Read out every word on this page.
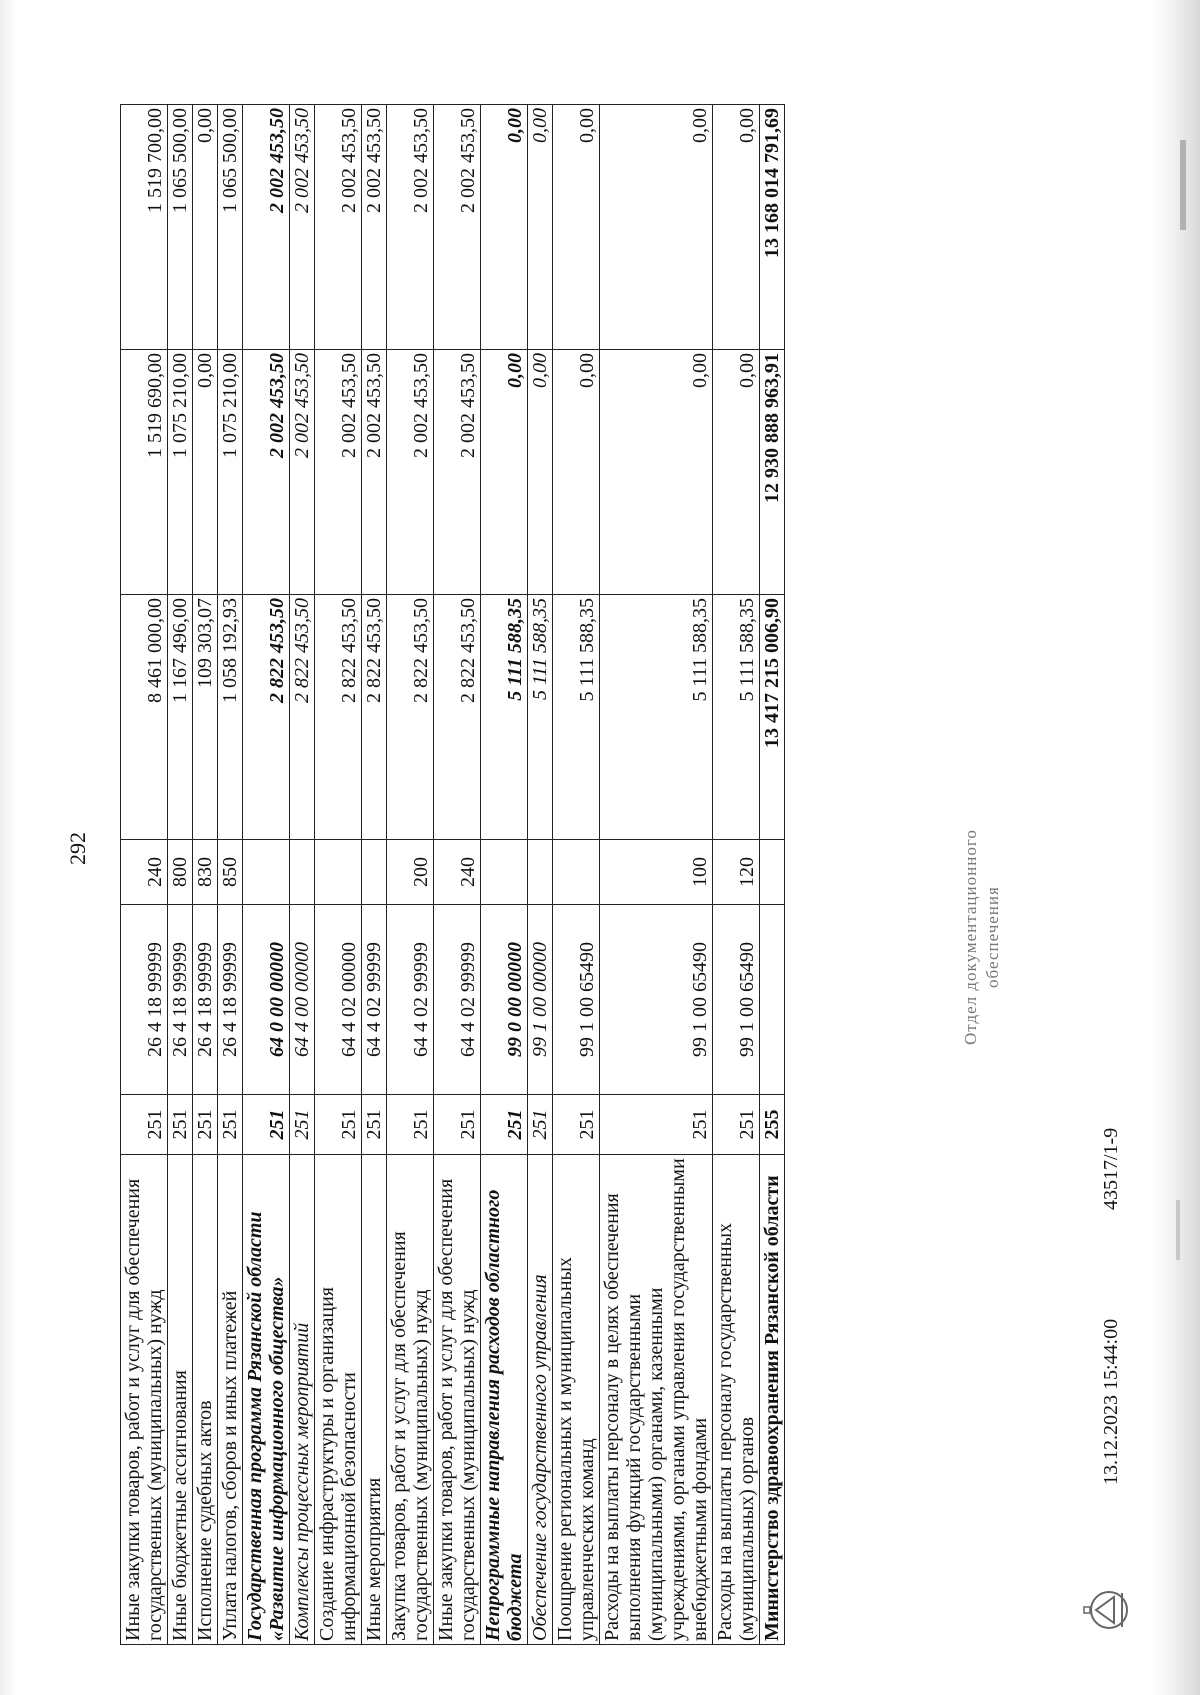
292
Иные закупки товаров, работ и услуг для обеспечения государственных (муниципальных) нужд	251	26 4 18 99999	240	8 461 000,00	1 519 690,00	1 519 700,00
Иные бюджетные ассигнования	251	26 4 18 99999	800	1 167 496,00	1 075 210,00	1 065 500,00
Исполнение судебных актов	251	26 4 18 99999	830	109 303,07	0,00	0,00
Уплата налогов, сборов и иных платежей	251	26 4 18 99999	850	1 058 192,93	1 075 210,00	1 065 500,00
Государственная программа Рязанской области «Развитие информационного общества»	251	64 0 00 00000		2 822 453,50	2 002 453,50	2 002 453,50
Комплексы процессных мероприятий	251	64 4 00 00000		2 822 453,50	2 002 453,50	2 002 453,50
Создание инфраструктуры и организация информационной безопасности	251	64 4 02 00000		2 822 453,50	2 002 453,50	2 002 453,50
Иные мероприятия	251	64 4 02 99999		2 822 453,50	2 002 453,50	2 002 453,50
Закупка товаров, работ и услуг для обеспечения государственных (муниципальных) нужд	251	64 4 02 99999	200	2 822 453,50	2 002 453,50	2 002 453,50
Иные закупки товаров, работ и услуг для обеспечения государственных (муниципальных) нужд	251	64 4 02 99999	240	2 822 453,50	2 002 453,50	2 002 453,50
Непрограммные направления расходов областного бюджета	251	99 0 00 00000		5 111 588,35	0,00	0,00
Обеспечение государственного управления	251	99 1 00 00000		5 111 588,35	0,00	0,00
Поощрение региональных и муниципальных управленческих команд	251	99 1 00 65490		5 111 588,35	0,00	0,00
Расходы на выплаты персоналу в целях обеспечения выполнения функций государственными (муниципальными) органами, казенными учреждениями, органами управления государственными внебюджетными фондами	251	99 1 00 65490	100	5 111 588,35	0,00	0,00
Расходы на выплаты персоналу государственных (муниципальных) органов	251	99 1 00 65490	120	5 111 588,35	0,00	0,00
Министерство здравоохранения Рязанской области	255			13 417 215 006,90	12 930 888 963,91	13 168 014 791,69
13.12.2023 15:44:00
43517/1-9
Отдел документационного обеспечения
